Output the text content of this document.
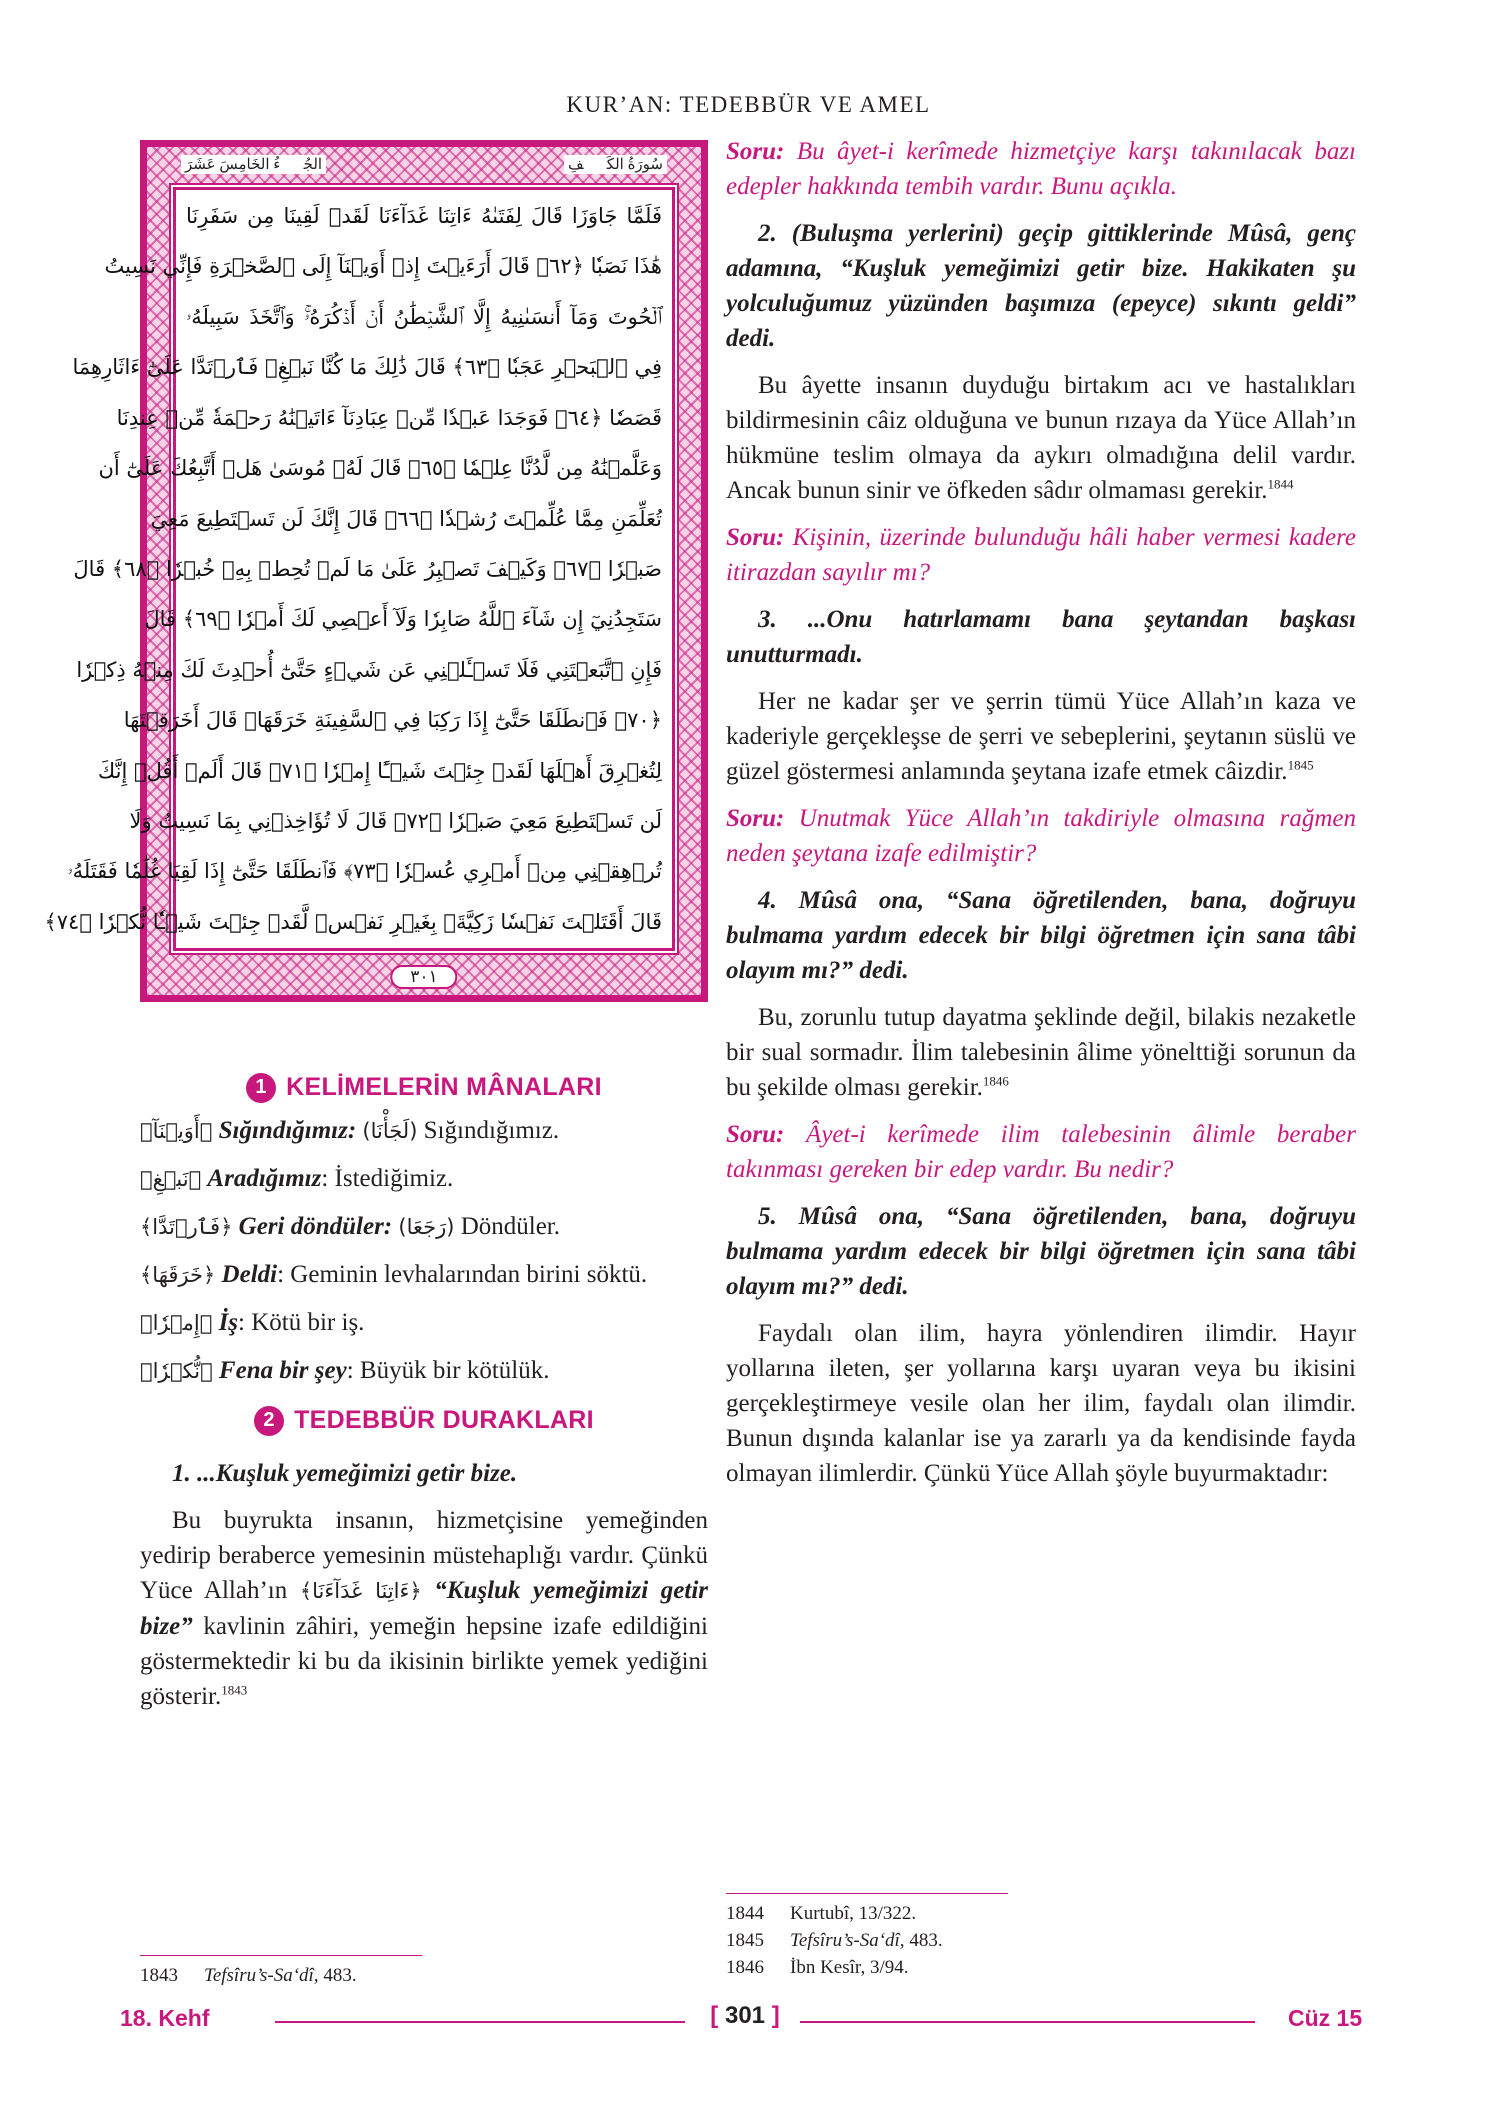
KUR’AN: TEDEBBÜR VE AMEL
سُورَةُ الكَهۡفِ
الجُزۡءُ الخَامِسَ عَشَرَ
فَلَمَّا جَاوَزَا قَالَ لِفَتَىٰهُ ءَاتِنَا غَدَآءَنَا لَقَدۡ لَقِينَا مِن سَفَرِنَا
هَٰذَا نَصَبٗا ﴿٦٢﴾ قَالَ أَرَءَيۡتَ إِذۡ أَوَيۡنَآ إِلَى ٱلصَّخۡرَةِ فَإِنِّي نَسِيتُ
ٱلۡحُوتَ وَمَآ أَنسَىٰنِيهُ إِلَّا ٱلشَّيۡطَٰنُ أَنۡ أَذۡكُرَهُۥۚ وَٱتَّخَذَ سَبِيلَهُۥ
فِي ٱلۡبَحۡرِ عَجَبٗا ﴿٦٣﴾ قَالَ ذَٰلِكَ مَا كُنَّا نَبۡغِۚ فَٱرۡتَدَّا عَلَىٰٓ ءَاثَارِهِمَا
قَصَصٗا ﴿٦٤﴾ فَوَجَدَا عَبۡدٗا مِّنۡ عِبَادِنَآ ءَاتَيۡنَٰهُ رَحۡمَةٗ مِّنۡ عِندِنَا
وَعَلَّمۡنَٰهُ مِن لَّدُنَّا عِلۡمٗا ﴿٦٥﴾ قَالَ لَهُۥ مُوسَىٰ هَلۡ أَتَّبِعُكَ عَلَىٰٓ أَن
تُعَلِّمَنِ مِمَّا عُلِّمۡتَ رُشۡدٗا ﴿٦٦﴾ قَالَ إِنَّكَ لَن تَسۡتَطِيعَ مَعِيَ
صَبۡرٗا ﴿٦٧﴾ وَكَيۡفَ تَصۡبِرُ عَلَىٰ مَا لَمۡ تُحِطۡ بِهِۦ خُبۡرٗا ﴿٦٨﴾ قَالَ
سَتَجِدُنِيٓ إِن شَآءَ ٱللَّهُ صَابِرٗا وَلَآ أَعۡصِي لَكَ أَمۡرٗا ﴿٦٩﴾ قَالَ
فَإِنِ ٱتَّبَعۡتَنِي فَلَا تَسۡـَٔلۡنِي عَن شَيۡءٍ حَتَّىٰٓ أُحۡدِثَ لَكَ مِنۡهُ ذِكۡرٗا
﴿٧٠﴾ فَٱنطَلَقَا حَتَّىٰٓ إِذَا رَكِبَا فِي ٱلسَّفِينَةِ خَرَقَهَاۖ قَالَ أَخَرَقۡتَهَا
لِتُغۡرِقَ أَهۡلَهَا لَقَدۡ جِئۡتَ شَيۡـًٔا إِمۡرٗا ﴿٧١﴾ قَالَ أَلَمۡ أَقُلۡ إِنَّكَ
لَن تَسۡتَطِيعَ مَعِيَ صَبۡرٗا ﴿٧٢﴾ قَالَ لَا تُؤَاخِذۡنِي بِمَا نَسِيتُ وَلَا
تُرۡهِقۡنِي مِنۡ أَمۡرِي عُسۡرٗا ﴿٧٣﴾ فَٱنطَلَقَا حَتَّىٰٓ إِذَا لَقِيَا غُلَٰمٗا فَقَتَلَهُۥ
قَالَ أَقَتَلۡتَ نَفۡسٗا زَكِيَّةَۢ بِغَيۡرِ نَفۡسٖ لَّقَدۡ جِئۡتَ شَيۡـٔٗا نُّكۡرٗا ﴿٧٤﴾
٣٠١
1 KELİMELERİN MÂNALARI

﴿أَوَيۡنَآ﴾ Sığındığımız: (لَجَأْنَا) Sığındığımız.

﴿نَبۡغِ﴾ Aradığımız: İstediğimiz.

﴿فَٱرۡتَدَّا﴾ Geri döndüler: (رَجَعَا) Döndüler.

﴿خَرَقَهَا﴾ Deldi: Geminin levhalarından birini söktü.

﴿إِمۡرٗا﴾ İş: Kötü bir iş.

﴿نُّكۡرٗا﴾ Fena bir şey: Büyük bir kötülük.

2 TEDEBBÜR DURAKLARI

1. ...Kuşluk yemeğimizi getir bize.

Bu buyrukta insanın, hizmetçisine yemeğinden yedirip beraberce yemesinin müstehaplığı vardır. Çünkü Yüce Allah’ın ﴿ءَاتِنَا غَدَآءَنَا﴾ “Kuşluk yemeğimizi getir bize” kavlinin zâhiri, yemeğin hepsine izafe edildiğini göstermektedir ki bu da ikisinin birlikte yemek yediğini gösterir.$^{1843}$

1843 Tefsîru’s-Sa‘dî, 483.

Soru: Bu âyet-i kerîmede hizmetçiye karşı takınılacak bazı edepler hakkında tembih vardır. Bunu açıkla.

2. (Buluşma yerlerini) geçip gittiklerinde Mûsâ, genç adamına, “Kuşluk yemeğimizi getir bize. Hakikaten şu yolculuğumuz yüzünden başımıza (epeyce) sıkıntı geldi” dedi.

Bu âyette insanın duyduğu birtakım acı ve hastalıkları bildirmesinin câiz olduğuna ve bunun rızaya da Yüce Allah’ın hükmüne teslim olmaya da aykırı olmadığına delil vardır. Ancak bunun sinir ve öfkeden sâdır olmaması gerekir.$^{1844}$

Soru: Kişinin, üzerinde bulunduğu hâli haber vermesi kadere itirazdan sayılır mı?

3. ...Onu hatırlamamı bana şeytandan başkası unutturmadı.

Her ne kadar şer ve şerrin tümü Yüce Allah’ın kaza ve kaderiyle gerçekleşse de şerri ve sebeplerini, şeytanın süslü ve güzel göstermesi anlamında şeytana izafe etmek câizdir.$^{1845}$

Soru: Unutmak Yüce Allah’ın takdiriyle olmasına rağmen neden şeytana izafe edilmiştir?

4. Mûsâ ona, “Sana öğretilenden, bana, doğruyu bulmama yardım edecek bir bilgi öğretmen için sana tâbi olayım mı?” dedi.

Bu, zorunlu tutup dayatma şeklinde değil, bilakis nezaketle bir sual sormadır. İlim talebesinin âlime yönelttiği sorunun da bu şekilde olması gerekir.$^{1846}$

Soru: Âyet-i kerîmede ilim talebesinin âlimle beraber takınması gereken bir edep vardır. Bu nedir?

5. Mûsâ ona, “Sana öğretilenden, bana, doğruyu bulmama yardım edecek bir bilgi öğretmen için sana tâbi olayım mı?” dedi.

Faydalı olan ilim, hayra yönlendiren ilimdir. Hayır yollarına ileten, şer yollarına karşı uyaran veya bu ikisini gerçekleştirmeye vesile olan her ilim, faydalı olan ilimdir. Bunun dışında kalanlar ise ya zararlı ya da kendisinde fayda olmayan ilimlerdir. Çünkü Yüce Allah şöyle buyurmaktadır:

1844 Kurtubî, 13/322.
1845 Tefsîru’s-Sa‘dî, 483.
1846 İbn Kesîr, 3/94.
18. Kehf	[ 301 ]	Cüz 15
